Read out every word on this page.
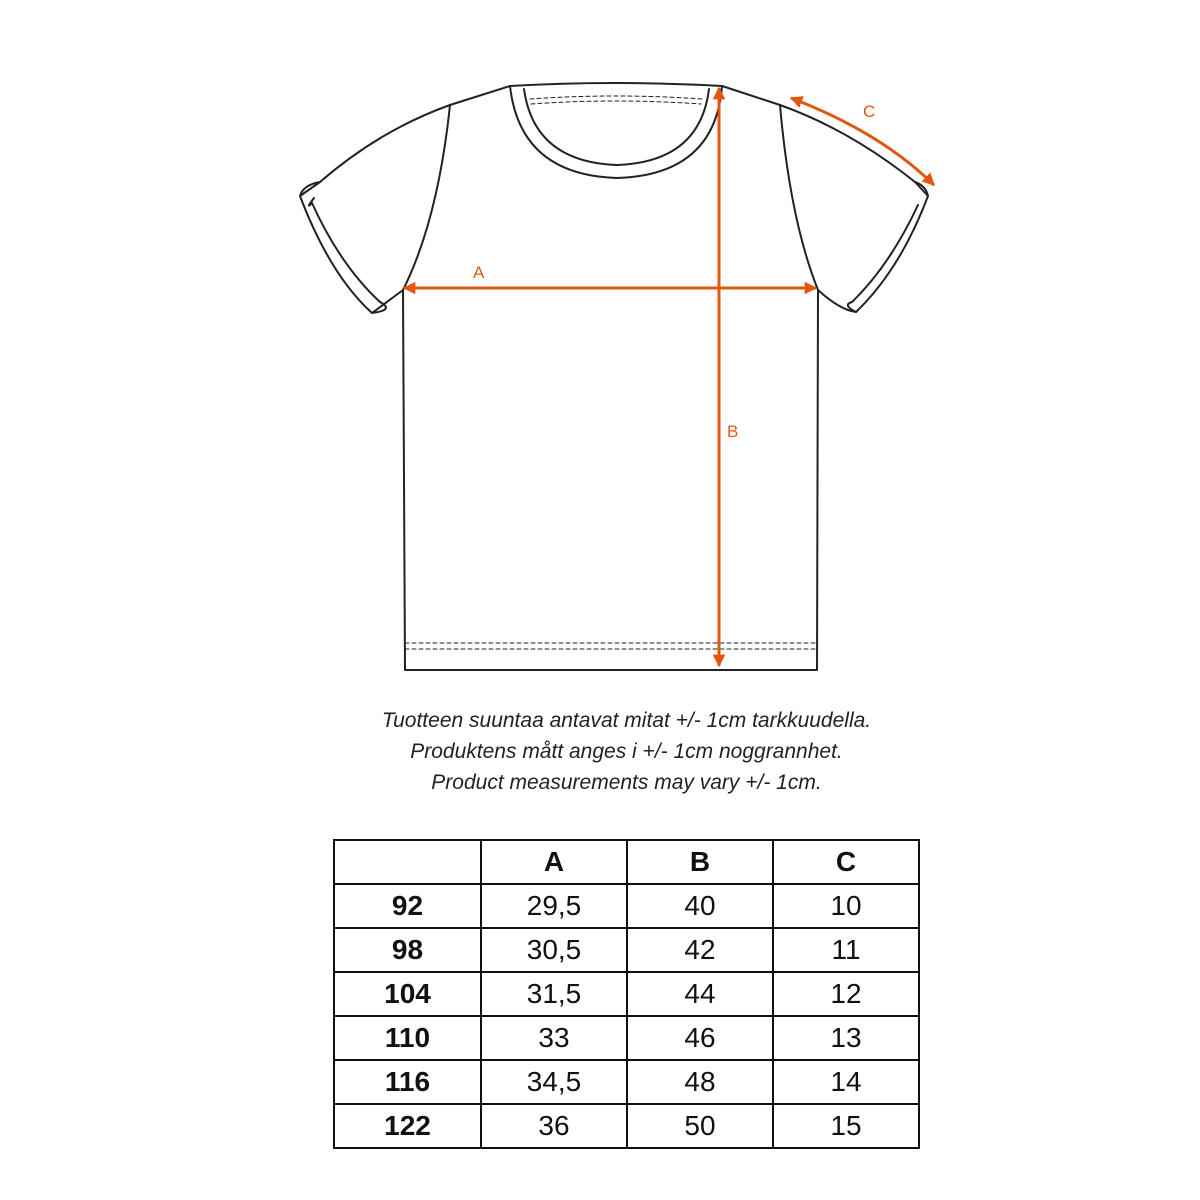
A
B
C
Tuotteen suuntaa antavat mitat +/- 1cm tarkkuudella.
Produktens mått anges i +/- 1cm noggrannhet.
Product measurements may vary +/- 1cm.
	A	B	C
92	29,5	40	10
98	30,5	42	11
104	31,5	44	12
110	33	46	13
116	34,5	48	14
122	36	50	15
